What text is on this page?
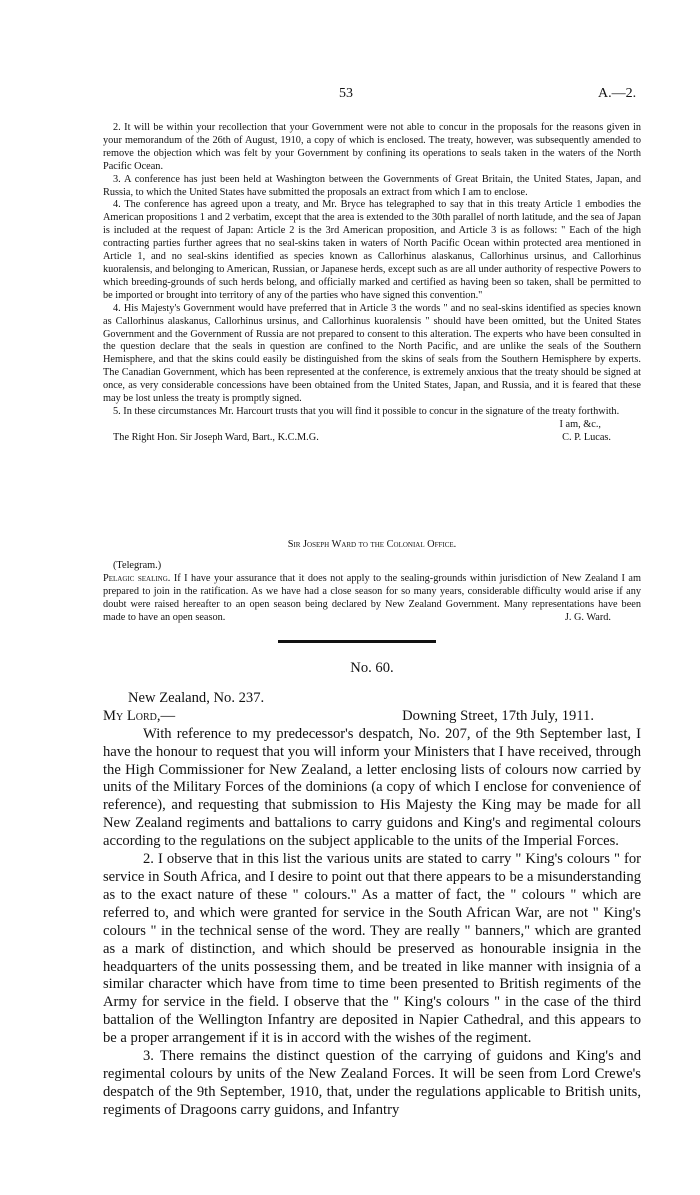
53	A.—2.

2. It will be within your recollection that your Government were not able to concur in the proposals for the reasons given in your memorandum of the 26th of August, 1910, a copy of which is enclosed. The treaty, however, was subsequently amended to remove the objection which was felt by your Government by confining its operations to seals taken in the waters of the North Pacific Ocean.

3. A conference has just been held at Washington between the Governments of Great Britain, the United States, Japan, and Russia, to which the United States have submitted the proposals an extract from which I am to enclose.

4. The conference has agreed upon a treaty, and Mr. Bryce has telegraphed to say that in this treaty Article 1 embodies the American propositions 1 and 2 verbatim, except that the area is extended to the 30th parallel of north latitude, and the sea of Japan is included at the request of Japan: Article 2 is the 3rd American proposition, and Article 3 is as follows: " Each of the high contracting parties further agrees that no seal-skins taken in waters of North Pacific Ocean within protected area mentioned in Article 1, and no seal-skins identified as species known as Callorhinus alaskanus, Callorhinus ursinus, and Callorhinus kuoralensis, and belonging to American, Russian, or Japanese herds, except such as are all under authority of respective Powers to which breeding-grounds of such herds belong, and officially marked and certified as having been so taken, shall be permitted to be imported or brought into territory of any of the parties who have signed this convention."

4. His Majesty's Government would have preferred that in Article 3 the words " and no seal-skins identified as species known as Callorhinus alaskanus, Callorhinus ursinus, and Callorhinus kuoralensis " should have been omitted, but the United States Government and the Government of Russia are not prepared to consent to this alteration. The experts who have been consulted in the question declare that the seals in question are confined to the North Pacific, and are unlike the seals of the Southern Hemisphere, and that the skins could easily be distinguished from the skins of seals from the Southern Hemisphere by experts. The Canadian Government, which has been represented at the conference, is extremely anxious that the treaty should be signed at once, as very considerable concessions have been obtained from the United States, Japan, and Russia, and it is feared that these may be lost unless the treaty is promptly signed.

5. In these circumstances Mr. Harcourt trusts that you will find it possible to concur in the signature of the treaty forthwith.

I am, &c.,
The Right Hon. Sir Joseph Ward, Bart., K.C.M.G.	C. P. Lucas.
Sir Joseph Ward to the Colonial Office.
(Telegram.)

Pelagic sealing. If I have your assurance that it does not apply to the sealing-grounds within jurisdiction of New Zealand I am prepared to join in the ratification. As we have had a close season for so many years, considerable difficulty would arise if any doubt were raised hereafter to an open season being declared by New Zealand Government. Many representations have been made to have an open season.	J. G. Ward.
No. 60.
New Zealand, No. 237.
My Lord,—	Downing Street, 17th July, 1911.

With reference to my predecessor's despatch, No. 207, of the 9th September last, I have the honour to request that you will inform your Ministers that I have received, through the High Commissioner for New Zealand, a letter enclosing lists of colours now carried by units of the Military Forces of the dominions (a copy of which I enclose for convenience of reference), and requesting that submission to His Majesty the King may be made for all New Zealand regiments and battalions to carry guidons and King's and regimental colours according to the regulations on the subject applicable to the units of the Imperial Forces.

2. I observe that in this list the various units are stated to carry " King's colours " for service in South Africa, and I desire to point out that there appears to be a misunderstanding as to the exact nature of these " colours." As a matter of fact, the " colours " which are referred to, and which were granted for service in the South African War, are not " King's colours " in the technical sense of the word. They are really " banners," which are granted as a mark of distinction, and which should be preserved as honourable insignia in the headquarters of the units possessing them, and be treated in like manner with insignia of a similar character which have from time to time been presented to British regiments of the Army for service in the field. I observe that the " King's colours " in the case of the third battalion of the Wellington Infantry are deposited in Napier Cathedral, and this appears to be a proper arrangement if it is in accord with the wishes of the regiment.

3. There remains the distinct question of the carrying of guidons and King's and regimental colours by units of the New Zealand Forces. It will be seen from Lord Crewe's despatch of the 9th September, 1910, that, under the regulations applicable to British units, regiments of Dragoons carry guidons, and Infantry
